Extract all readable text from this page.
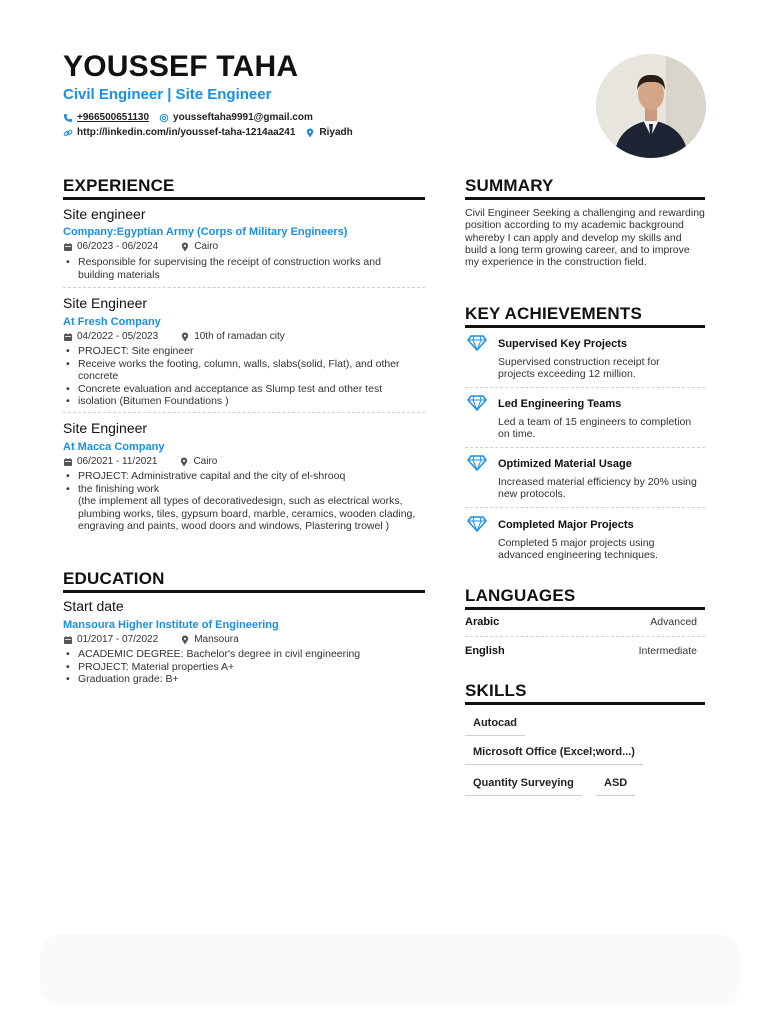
YOUSSEF TAHA
Civil Engineer | Site Engineer
+966500651130 yousseftaha9991@gmail.com
http://linkedin.com/in/youssef-taha-1214aa241 Riyadh
EXPERIENCE
Site engineer
Company:Egyptian Army (Corps of Military Engineers)
06/2023 - 06/2024	Cairo
• Responsible for supervising the receipt of construction works and building materials
Site Engineer
At Fresh Company
04/2022 - 05/2023	10th of ramadan city
• PROJECT: Site engineer
• Receive works the footing, column, walls, slabs(solid, Flat), and other concrete
• Concrete evaluation and acceptance as Slump test and other test
• isolation (Bitumen Foundations )
Site Engineer
At Macca Company
06/2021 - 11/2021	Cairo
• PROJECT: Administrative capital and the city of el-shrooq
• the finishing work
(the implement all types of decorativedesign, such as electrical works, plumbing works, tiles, gypsum board, marble, ceramics, wooden clading, engraving and paints, wood doors and windows, Plastering trowel )
EDUCATION
Start date
Mansoura Higher Institute of Engineering
01/2017 - 07/2022	Mansoura
• ACADEMIC DEGREE: Bachelor's degree in civil engineering
• PROJECT: Material properties A+
• Graduation grade: B+
SUMMARY
Civil Engineer Seeking a challenging and rewarding position according to my academic background whereby I can apply and develop my skills and build a long term growing career, and to improve my experience in the construction field.
KEY ACHIEVEMENTS
Supervised Key Projects
Supervised construction receipt for projects exceeding 12 million.
Led Engineering Teams
Led a team of 15 engineers to completion on time.
Optimized Material Usage
Increased material efficiency by 20% using new protocols.
Completed Major Projects
Completed 5 major projects using advanced engineering techniques.
LANGUAGES
Arabic	Advanced
English	Intermediate
SKILLS
Autocad
Microsoft Office (Excel;word...)
Quantity Surveying	ASD
